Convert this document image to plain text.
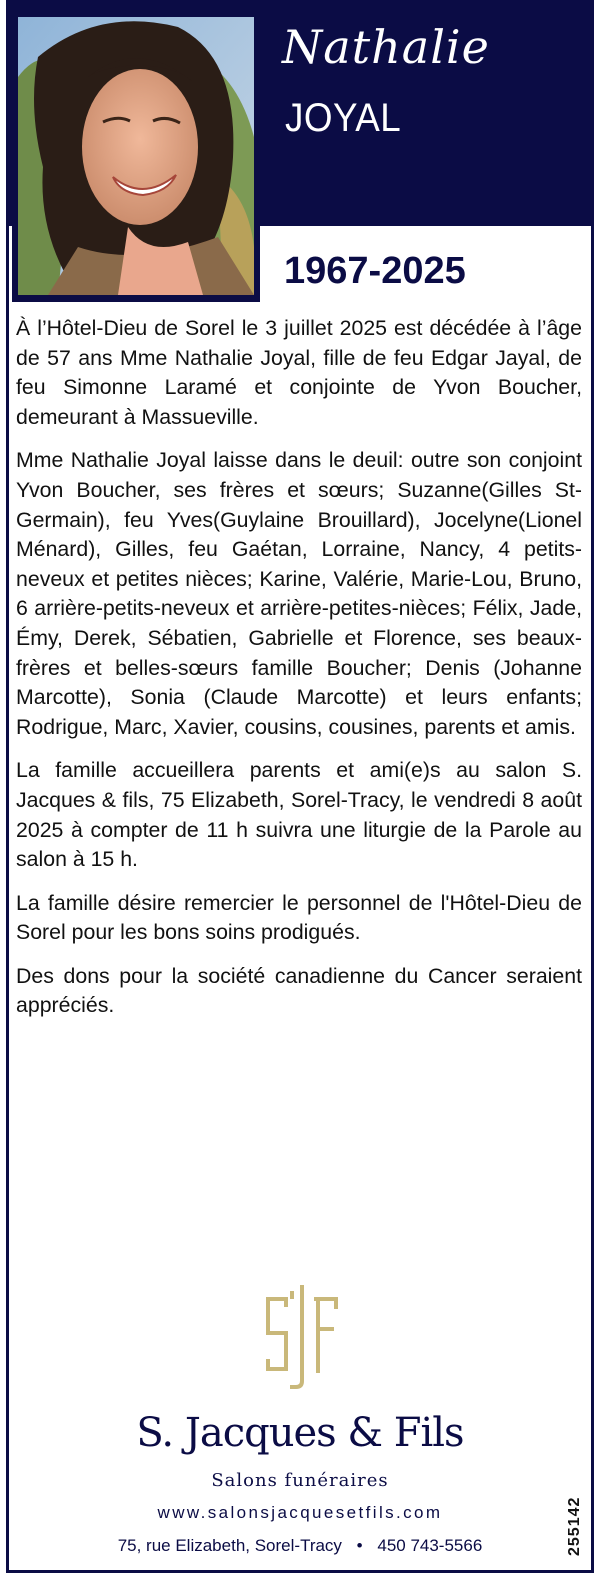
Nathalie
JOYAL
1967-2025

À l’Hôtel-Dieu de Sorel le 3 juillet 2025 est décédée à l’âge de 57 ans Mme Nathalie Joyal, fille de feu Edgar Jayal, de feu Simonne Laramé et conjointe de Yvon Boucher, demeurant à Massueville.

Mme Nathalie Joyal laisse dans le deuil: outre son conjoint Yvon Boucher, ses frères et sœurs; Suzanne(Gilles St-Germain), feu Yves(Guylaine Brouillard), Jocelyne(Lionel Ménard), Gilles, feu Gaétan, Lorraine, Nancy, 4 petits-neveux et petites nièces; Karine, Valérie, Marie-Lou, Bruno, 6 arrière-petits-neveux et arrière-petites-nièces; Félix, Jade, Émy, Derek, Sébatien, Gabrielle et Florence, ses beaux-frères et belles-sœurs famille Boucher; Denis (Johanne Marcotte), Sonia (Claude Marcotte) et leurs enfants; Rodrigue, Marc, Xavier, cousins, cousines, parents et amis.

La famille accueillera parents et ami(e)s au salon S. Jacques & fils, 75 Elizabeth, Sorel-Tracy, le vendredi 8 août 2025 à compter de 11 h suivra une liturgie de la Parole au salon à 15 h.

La famille désire remercier le personnel de l'Hôtel-Dieu de Sorel pour les bons soins prodigués.

Des dons pour la société canadienne du Cancer seraient appréciés.

S. Jacques & Fils
Salons funéraires
www.salonsjacquesetfils.com
75, rue Elizabeth, Sorel-Tracy • 450 743-5566	255142
